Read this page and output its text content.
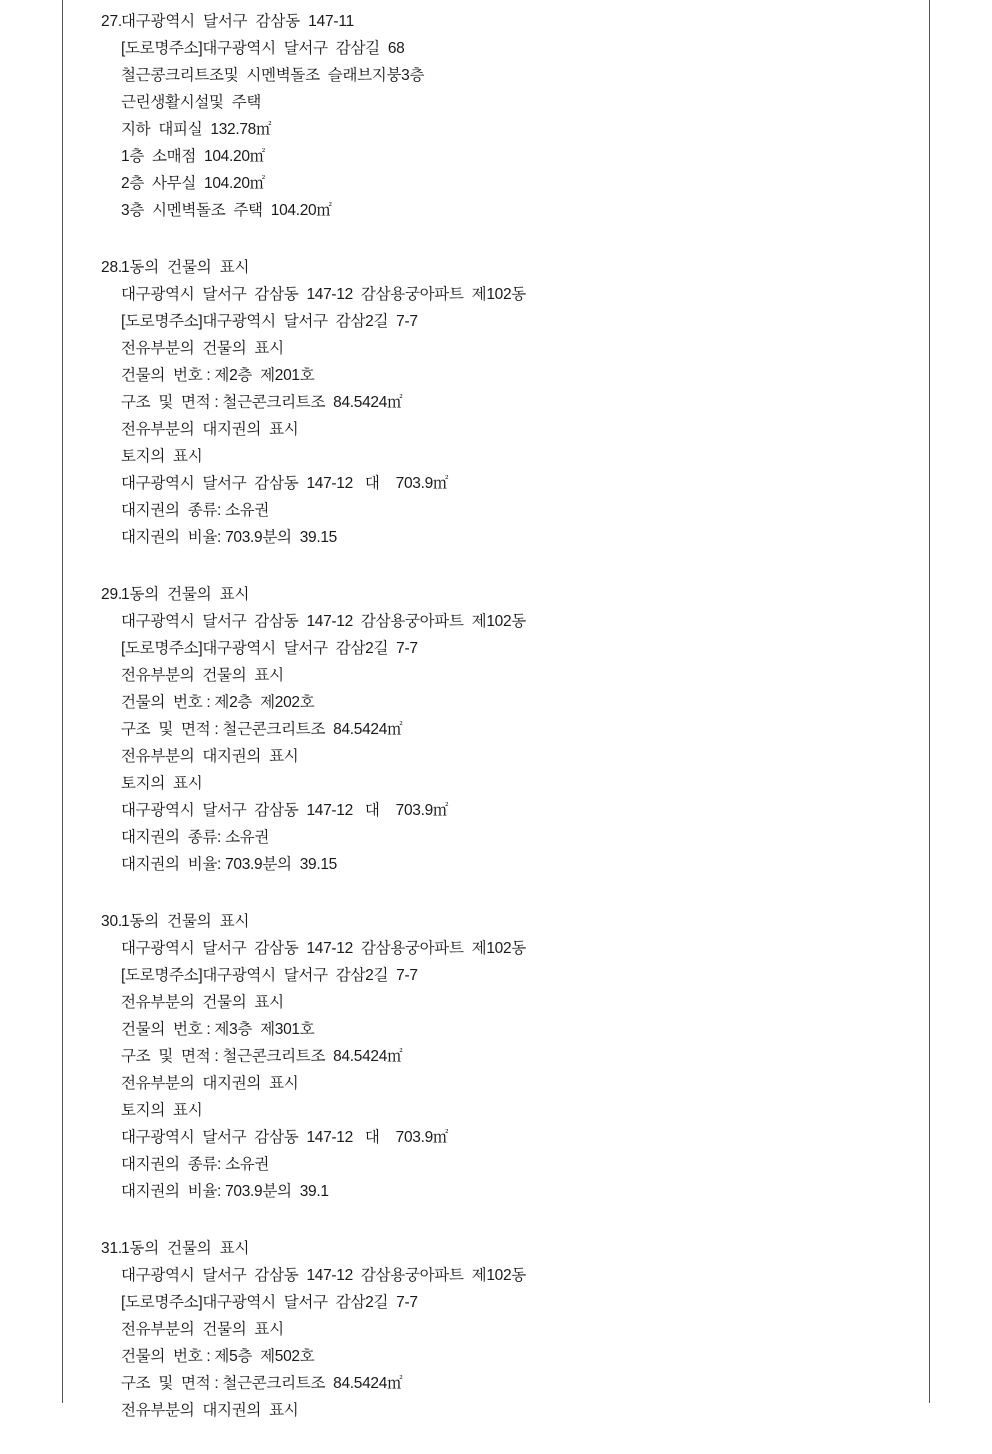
27. 대구광역시  달서구  감삼동  147-11
[도로명주소]대구광역시  달서구  감삼길  68
철근콩크리트조및  시멘벽돌조  슬래브지붕3층
근린생활시설및  주택
지하  대피실  132.78㎡
1층  소매점  104.20㎡
2층  사무실  104.20㎡
3층  시멘벽돌조  주택  104.20㎡
28. 1동의  건물의  표시
대구광역시  달서구  감삼동  147-12  감삼용궁아파트  제102동
[도로명주소]대구광역시  달서구  감삼2길  7-7
전유부분의  건물의  표시
건물의  번호 : 제2층  제201호
구조  및  면적 : 철근콘크리트조  84.5424㎡
전유부분의  대지권의  표시
토지의  표시
대구광역시  달서구  감삼동  147-12   대    703.9㎡
대지권의  종류: 소유권
대지권의  비율: 703.9분의  39.15
29. 1동의  건물의  표시
대구광역시  달서구  감삼동  147-12  감삼용궁아파트  제102동
[도로명주소]대구광역시  달서구  감삼2길  7-7
전유부분의  건물의  표시
건물의  번호 : 제2층  제202호
구조  및  면적 : 철근콘크리트조  84.5424㎡
전유부분의  대지권의  표시
토지의  표시
대구광역시  달서구  감삼동  147-12   대    703.9㎡
대지권의  종류: 소유권
대지권의  비율: 703.9분의  39.15
30. 1동의  건물의  표시
대구광역시  달서구  감삼동  147-12  감삼용궁아파트  제102동
[도로명주소]대구광역시  달서구  감삼2길  7-7
전유부분의  건물의  표시
건물의  번호 : 제3층  제301호
구조  및  면적 : 철근콘크리트조  84.5424㎡
전유부분의  대지권의  표시
토지의  표시
대구광역시  달서구  감삼동  147-12   대    703.9㎡
대지권의  종류: 소유권
대지권의  비율: 703.9분의  39.1
31. 1동의  건물의  표시
대구광역시  달서구  감삼동  147-12  감삼용궁아파트  제102동
[도로명주소]대구광역시  달서구  감삼2길  7-7
전유부분의  건물의  표시
건물의  번호 : 제5층  제502호
구조  및  면적 : 철근콘크리트조  84.5424㎡
전유부분의  대지권의  표시
